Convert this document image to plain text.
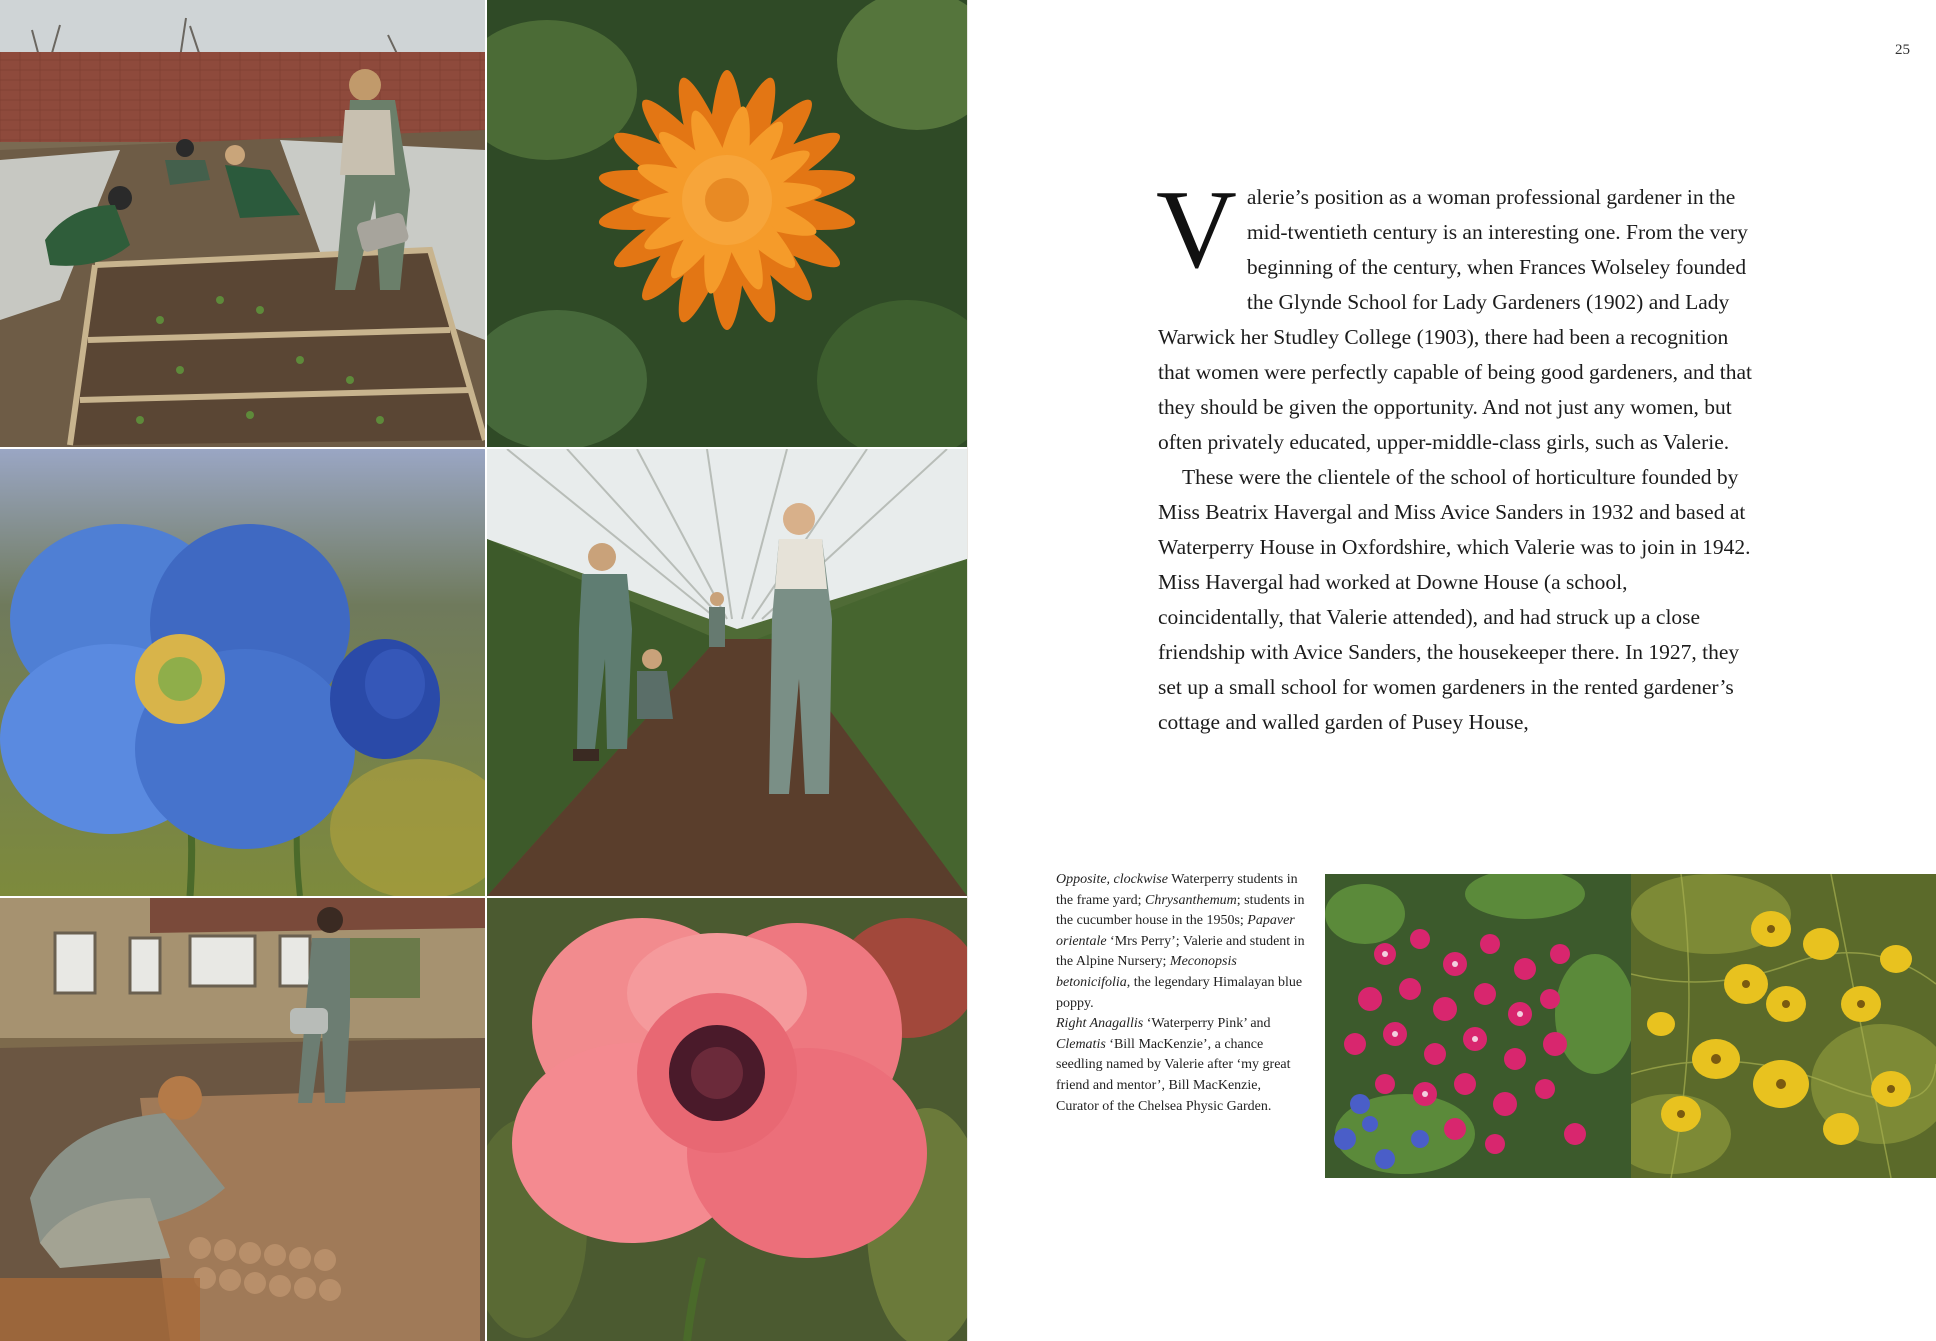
25

Valerie’s position as a woman professional gardener in the mid-twentieth century is an interesting one. From the very beginning of the century, when Frances Wolseley founded the Glynde School for Lady Gardeners (1902) and Lady Warwick her Studley College (1903), there had been a recognition that women were perfectly capable of being good gardeners, and that they should be given the opportunity. And not just any women, but often privately educated, upper-middle-class girls, such as Valerie.

These were the clientele of the school of horticulture founded by Miss Beatrix Havergal and Miss Avice Sanders in 1932 and based at Waterperry House in Oxfordshire, which Valerie was to join in 1942. Miss Havergal had worked at Downe House (a school, coincidentally, that Valerie attended), and had struck up a close friendship with Avice Sanders, the housekeeper there. In 1927, they set up a small school for women gardeners in the rented gardener’s cottage and walled garden of Pusey House,

Opposite, clockwise Waterperry students in the frame yard; Chrysanthemum; students in the cucumber house in the 1950s; Papaver orientale ‘Mrs Perry’; Valerie and student in the Alpine Nursery; Meconopsis betonicifolia, the legendary Himalayan blue poppy.
Right Anagallis ‘Waterperry Pink’ and Clematis ‘Bill MacKenzie’, a chance seedling named by Valerie after ‘my great friend and mentor’, Bill MacKenzie, Curator of the Chelsea Physic Garden.
